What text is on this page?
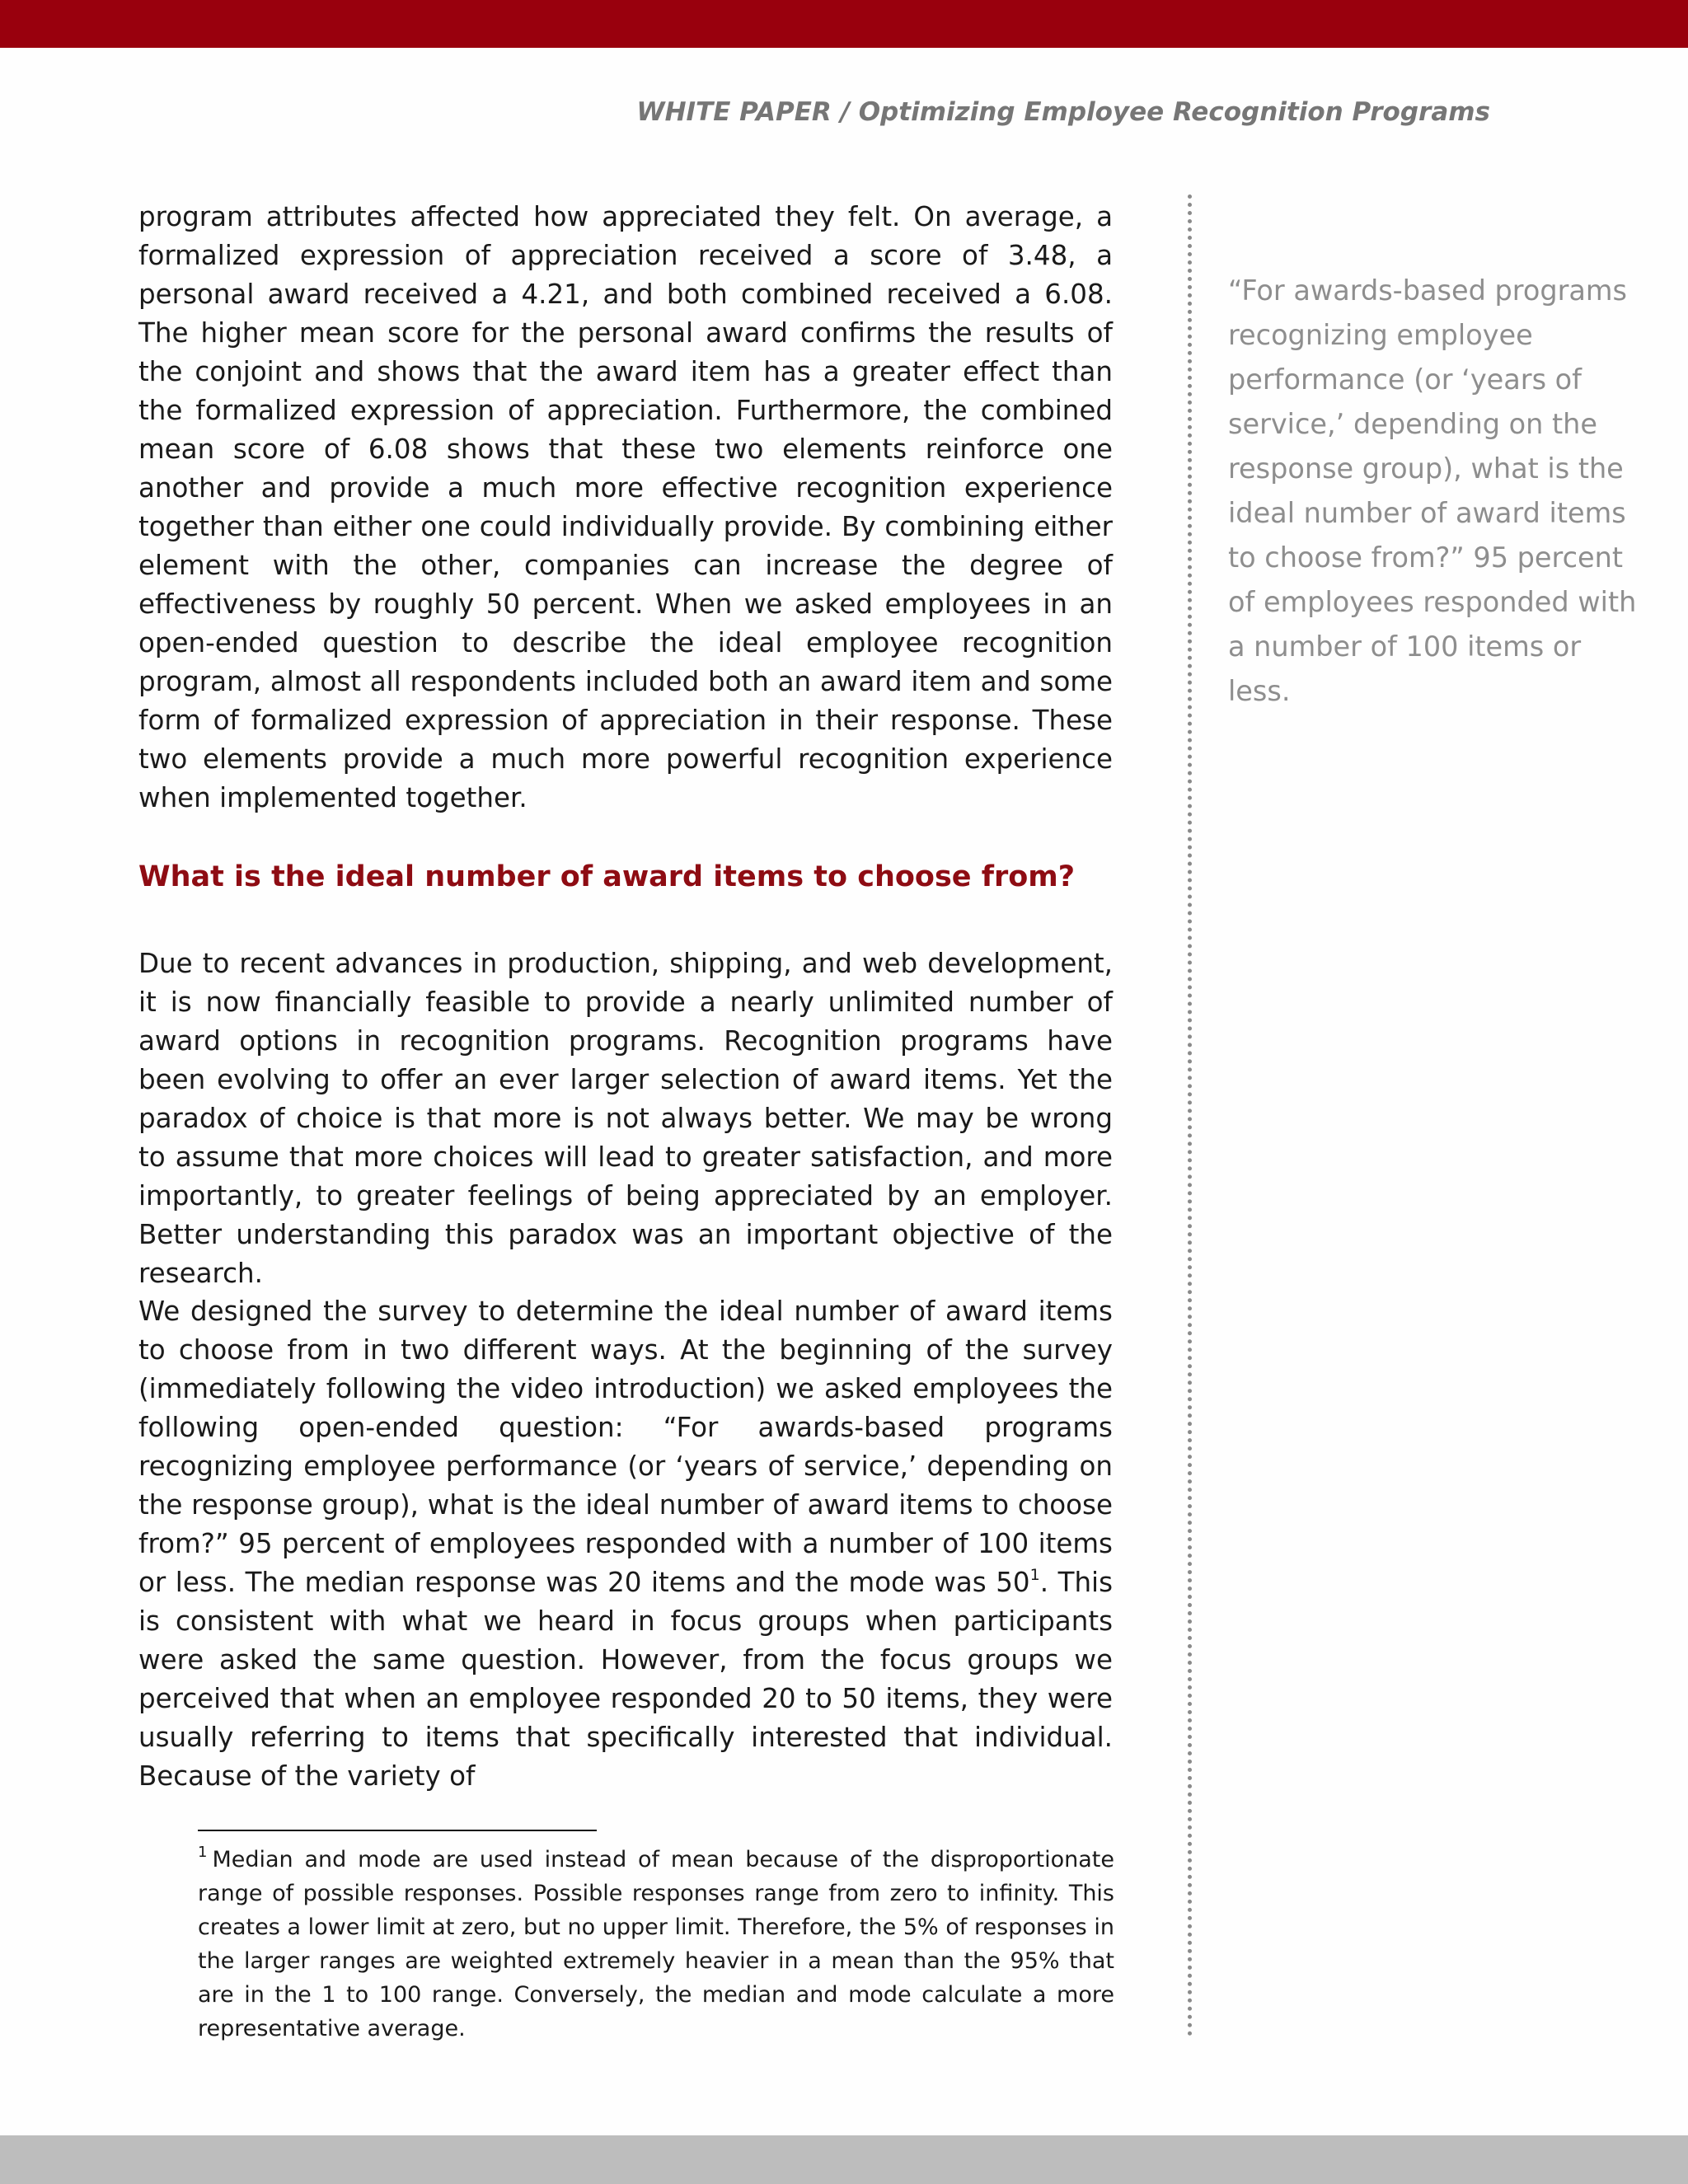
WHITE PAPER / Optimizing Employee Recognition Programs

program attributes affected how appreciated they felt. On average, a formalized expression of appreciation received a score of 3.48, a personal award received a 4.21, and both combined received a 6.08. The higher mean score for the personal award confirms the results of the conjoint and shows that the award item has a greater effect than the formalized expression of appreciation. Furthermore, the combined mean score of 6.08 shows that these two elements reinforce one another and provide a much more effective recognition experience together than either one could individually provide. By combining either element with the other, companies can increase the degree of effectiveness by roughly 50 percent. When we asked employees in an open-ended question to describe the ideal employee recognition program, almost all respondents included both an award item and some form of formalized expression of appreciation in their response. These two elements provide a much more powerful recognition experience when implemented together.

What is the ideal number of award items to choose from?

Due to recent advances in production, shipping, and web development, it is now financially feasible to provide a nearly unlimited number of award options in recognition programs. Recognition programs have been evolving to offer an ever larger selection of award items. Yet the paradox of choice is that more is not always better. We may be wrong to assume that more choices will lead to greater satisfaction, and more importantly, to greater feelings of being appreciated by an employer. Better understanding this paradox was an important objective of the research.

We designed the survey to determine the ideal number of award items to choose from in two different ways. At the beginning of the survey (immediately following the video introduction) we asked employees the following open-ended question: “For awards-based programs recognizing employee performance (or ‘years of service,’ depending on the response group), what is the ideal number of award items to choose from?” 95 percent of employees responded with a number of 100 items or less. The median response was 20 items and the mode was $50^1$. This is consistent with what we heard in focus groups when participants were asked the same question. However, from the focus groups we perceived that when an employee responded 20 to 50 items, they were usually referring to items that specifically interested that individual. Because of the variety of

$^1$ Median and mode are used instead of mean because of the disproportionate range of possible responses. Possible responses range from zero to infinity. This creates a lower limit at zero, but no upper limit. Therefore, the 5% of responses in the larger ranges are weighted extremely heavier in a mean than the 95% that are in the 1 to 100 range. Conversely, the median and mode calculate a more representative average.
“For awards-based programs recognizing employee performance (or ‘years of service,’ depending on the response group), what is the ideal number of award items to choose from?” 95 percent of employees responded with a number of 100 items or less.
